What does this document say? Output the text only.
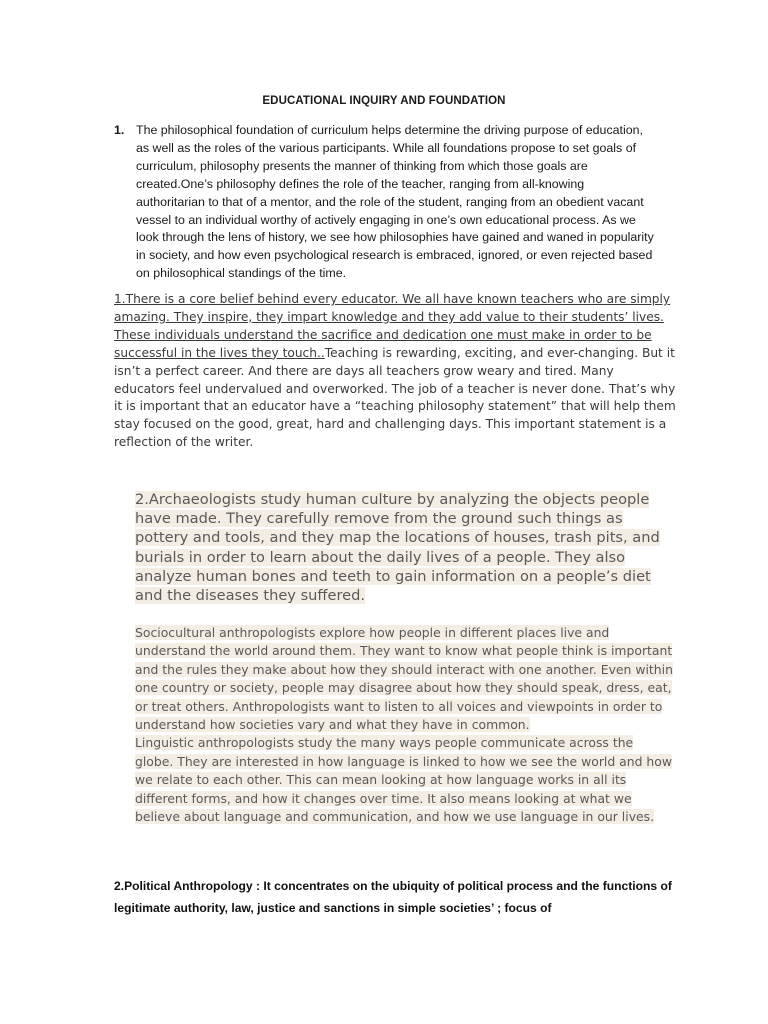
EDUCATIONAL INQUIRY AND FOUNDATION
1. The philosophical foundation of curriculum helps determine the driving purpose of education, as well as the roles of the various participants. While all foundations propose to set goals of curriculum, philosophy presents the manner of thinking from which those goals are created.One’s philosophy defines the role of the teacher, ranging from all-knowing authoritarian to that of a mentor, and the role of the student, ranging from an obedient vacant vessel to an individual worthy of actively engaging in one’s own educational process. As we look through the lens of history, we see how philosophies have gained and waned in popularity in society, and how even psychological research is embraced, ignored, or even rejected based on philosophical standings of the time.
1.There is a core belief behind every educator. We all have known teachers who are simply amazing. They inspire, they impart knowledge and they add value to their students’ lives. These individuals understand the sacrifice and dedication one must make in order to be successful in the lives they touch..Teaching is rewarding, exciting, and ever-changing. But it isn’t a perfect career. And there are days all teachers grow weary and tired. Many educators feel undervalued and overworked. The job of a teacher is never done. That’s why it is important that an educator have a “teaching philosophy statement” that will help them stay focused on the good, great, hard and challenging days. This important statement is a reflection of the writer.
2.Archaeologists study human culture by analyzing the objects people have made. They carefully remove from the ground such things as pottery and tools, and they map the locations of houses, trash pits, and burials in order to learn about the daily lives of a people. They also analyze human bones and teeth to gain information on a people’s diet and the diseases they suffered.

Sociocultural anthropologists explore how people in different places live and understand the world around them. They want to know what people think is important and the rules they make about how they should interact with one another. Even within one country or society, people may disagree about how they should speak, dress, eat, or treat others. Anthropologists want to listen to all voices and viewpoints in order to understand how societies vary and what they have in common.

Linguistic anthropologists study the many ways people communicate across the globe. They are interested in how language is linked to how we see the world and how we relate to each other. This can mean looking at how language works in all its different forms, and how it changes over time. It also means looking at what we believe about language and communication, and how we use language in our lives.

2.Political Anthropology : It concentrates on the ubiquity of political process and the functions of legitimate authority, law, justice and sanctions in simple societies’ ; focus of
